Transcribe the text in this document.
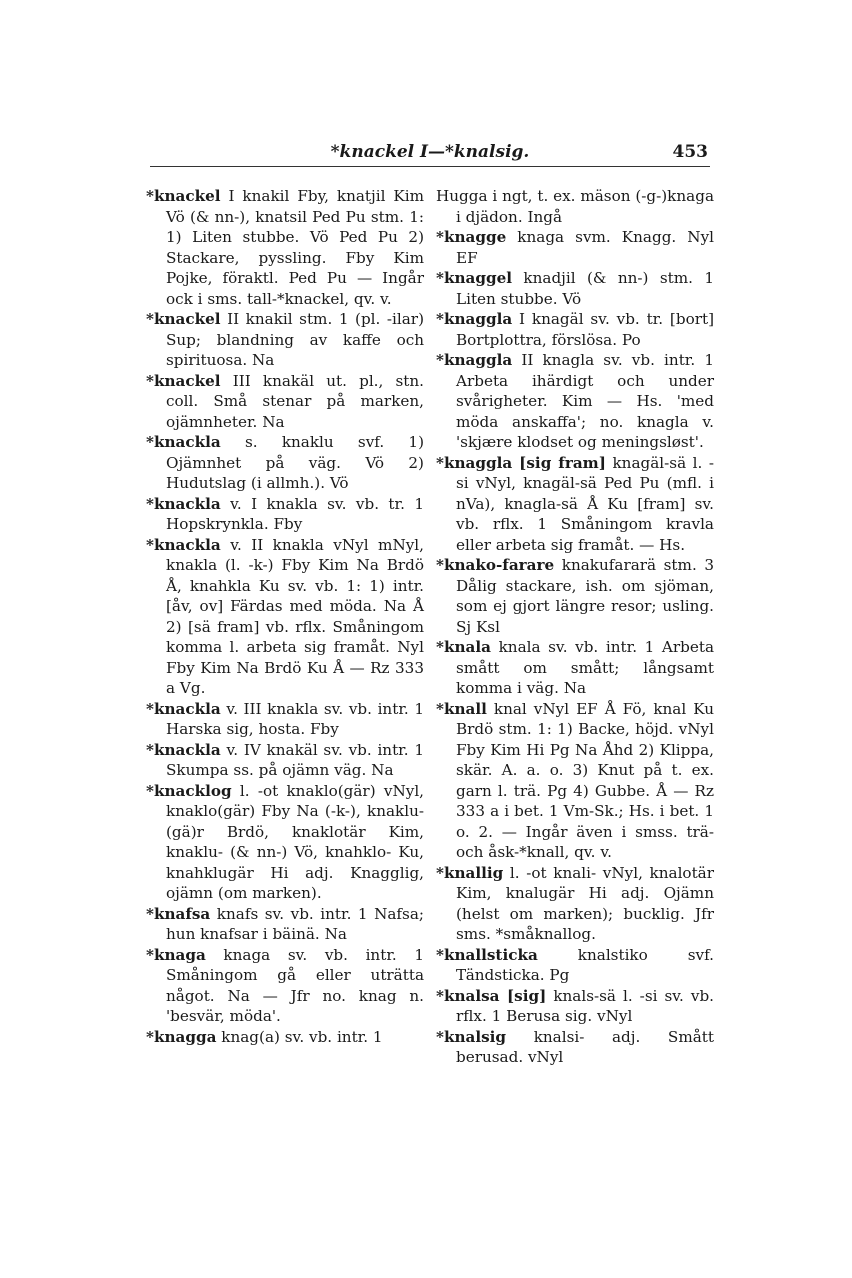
*knackel I—*knalsig.	453

*knackel I knakil Fby, knatjil Kim Vö (& nn-), knatsil Ped Pu stm. 1: 1) Liten stubbe. Vö Ped Pu 2) Stackare, pyssling. Fby Kim Pojke, föraktl. Ped Pu — Ingår ock i sms. tall-*knackel, qv. v.

*knackel II knakil stm. 1 (pl. -ilar) Sup; blandning av kaffe och spirituosa. Na

*knackel III knakäl ut. pl., stn. coll. Små stenar på marken, ojämnheter. Na

*knackla s. knaklu svf. 1) Ojämnhet på väg. Vö 2) Hudutslag (i allmh.). Vö

*knackla v. I knakla sv. vb. tr. 1 Hopskrynkla. Fby

*knackla v. II knakla vNyl mNyl, knakla (l. -k-) Fby Kim Na Brdö Å, knahkla Ku sv. vb. 1: 1) intr. [åv, ov] Färdas med möda. Na Å 2) [sä fram] vb. rflx. Småningom komma l. arbeta sig framåt. Nyl Fby Kim Na Brdö Ku Å — Rz 333 a Vg.

*knackla v. III knakla sv. vb. intr. 1 Harska sig, hosta. Fby

*knackla v. IV knakäl sv. vb. intr. 1 Skumpa ss. på ojämn väg. Na

*knacklog l. -ot knaklo(gär) vNyl, knaklo(gär) Fby Na (-k-), knaklu-(gä)r Brdö, knaklotär Kim, knaklu- (& nn-) Vö, knahklo- Ku, knahklugär Hi adj. Knagglig, ojämn (om marken).

*knafsa knafs sv. vb. intr. 1 Nafsa; hun knafsar i bäinä. Na

*knaga knaga sv. vb. intr. 1 Småningom gå eller uträtta något. Na — Jfr no. knag n. 'besvär, möda'.

*knagga knag(a) sv. vb. intr. 1

Hugga i ngt, t. ex. mäson (-g-)knaga i djädon. Ingå

*knagge knaga svm. Knagg. Nyl EF

*knaggel knadjil (& nn-) stm. 1 Liten stubbe. Vö

*knaggla I knagäl sv. vb. tr. [bort] Bortplottra, förslösa. Po

*knaggla II knagla sv. vb. intr. 1 Arbeta ihärdigt och under svårigheter. Kim — Hs. 'med möda anskaffa'; no. knagla v. 'skjære klodset og meningsløst'.

*knaggla [sig fram] knagäl-sä l. -si vNyl, knagäl-sä Ped Pu (mfl. i nVa), knagla-sä Å Ku [fram] sv. vb. rflx. 1 Småningom kravla eller arbeta sig framåt. — Hs.

*knako-farare knakufararä stm. 3 Dålig stackare, ish. om sjöman, som ej gjort längre resor; usling. Sj Ksl

*knala knala sv. vb. intr. 1 Arbeta smått om smått; långsamt komma i väg. Na

*knall knal vNyl EF Å Fö, knal Ku Brdö stm. 1: 1) Backe, höjd. vNyl Fby Kim Hi Pg Na Åhd 2) Klippa, skär. A. a. o. 3) Knut på t. ex. garn l. trä. Pg 4) Gubbe. Å — Rz 333 a i bet. 1 Vm-Sk.; Hs. i bet. 1 o. 2. — Ingår även i smss. trä- och åsk-*knall, qv. v.

*knallig l. -ot knali- vNyl, knalotär Kim, knalugär Hi adj. Ojämn (helst om marken); bucklig. Jfr sms. *småknallog.

*knallsticka	knalstiko svf. Tändsticka. Pg

*knalsa [sig] knals-sä l. -si sv. vb. rflx. 1 Berusa sig. vNyl

*knalsig knalsi- adj. Smått berusad. vNyl
